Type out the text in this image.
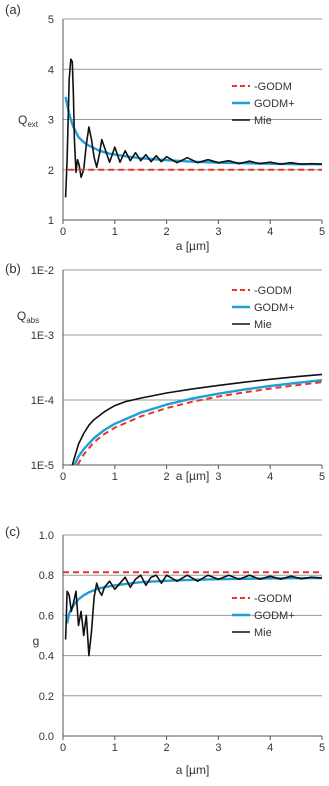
1
2
3
4
5
0	1	2	3	4	5
a [µm]
$Q_{ext}$
(a)
-GODM
GODM+
Mie
1E-5
1E-4
1E-3
1E-2
0	1	2	3	4	5
a [µm]
$Q_{abs}$
(b)
-GODM
GODM+
Mie
0.0
0.2
0.4
0.6
0.8
1.0
0	1	2	3	4	5
a [µm]
g
(c)
-GODM
GODM+
Mie
